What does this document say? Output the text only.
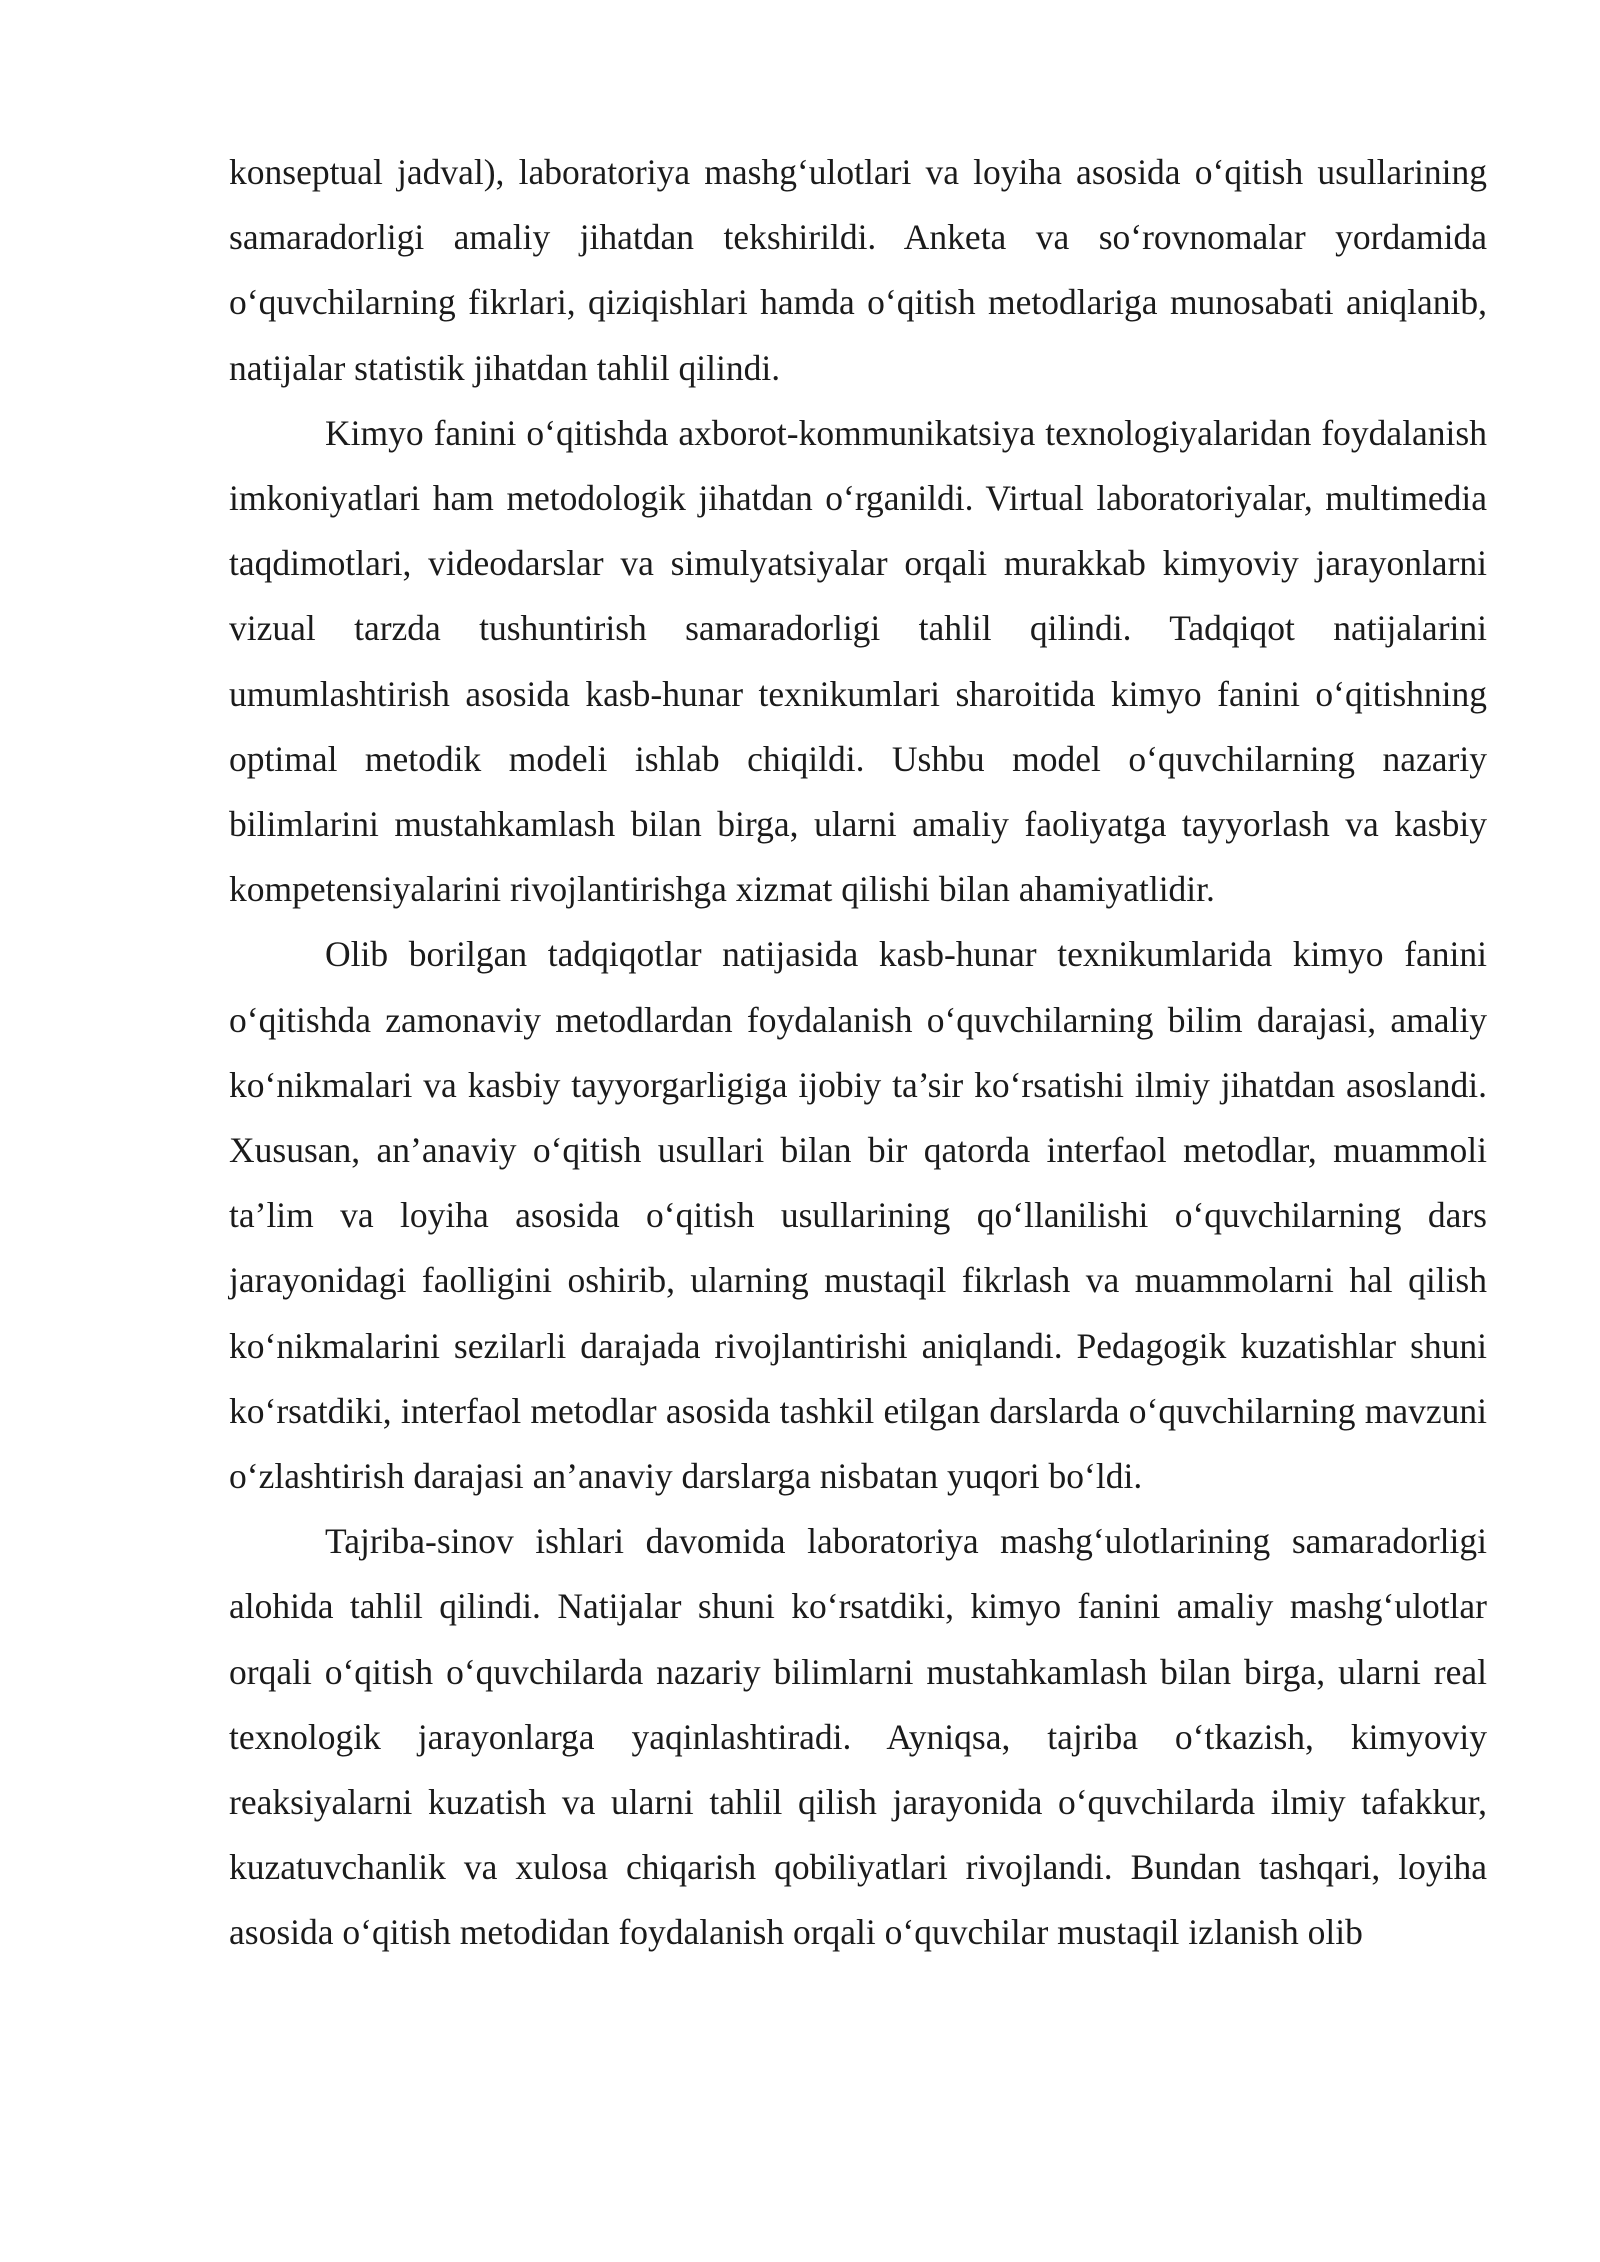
konseptual jadval), laboratoriya mashg‘ulotlari va loyiha asosida o‘qitish usullarining samaradorligi amaliy jihatdan tekshirildi. Anketa va so‘rovnomalar yordamida o‘quvchilarning fikrlari, qiziqishlari hamda o‘qitish metodlariga munosabati aniqlanib, natijalar statistik jihatdan tahlil qilindi.

Kimyo fanini o‘qitishda axborot-kommunikatsiya texnologiyalaridan foydalanish imkoniyatlari ham metodologik jihatdan o‘rganildi. Virtual laboratoriyalar, multimedia taqdimotlari, videodarslar va simulyatsiyalar orqali murakkab kimyoviy jarayonlarni vizual tarzda tushuntirish samaradorligi tahlil qilindi. Tadqiqot natijalarini umumlashtirish asosida kasb-hunar texnikumlari sharoitida kimyo fanini o‘qitishning optimal metodik modeli ishlab chiqildi. Ushbu model o‘quvchilarning nazariy bilimlarini mustahkamlash bilan birga, ularni amaliy faoliyatga tayyorlash va kasbiy kompetensiyalarini rivojlantirishga xizmat qilishi bilan ahamiyatlidir.

Olib borilgan tadqiqotlar natijasida kasb-hunar texnikumlarida kimyo fanini o‘qitishda zamonaviy metodlardan foydalanish o‘quvchilarning bilim darajasi, amaliy ko‘nikmalari va kasbiy tayyorgarligiga ijobiy ta’sir ko‘rsatishi ilmiy jihatdan asoslandi. Xususan, an’anaviy o‘qitish usullari bilan bir qatorda interfaol metodlar, muammoli ta’lim va loyiha asosida o‘qitish usullarining qo‘llanilishi o‘quvchilarning dars jarayonidagi faolligini oshirib, ularning mustaqil fikrlash va muammolarni hal qilish ko‘nikmalarini sezilarli darajada rivojlantirishi aniqlandi. Pedagogik kuzatishlar shuni ko‘rsatdiki, interfaol metodlar asosida tashkil etilgan darslarda o‘quvchilarning mavzuni o‘zlashtirish darajasi an’anaviy darslarga nisbatan yuqori bo‘ldi.

Tajriba-sinov ishlari davomida laboratoriya mashg‘ulotlarining samaradorligi alohida tahlil qilindi. Natijalar shuni ko‘rsatdiki, kimyo fanini amaliy mashg‘ulotlar orqali o‘qitish o‘quvchilarda nazariy bilimlarni mustahkamlash bilan birga, ularni real texnologik jarayonlarga yaqinlashtiradi. Ayniqsa, tajriba o‘tkazish, kimyoviy reaksiyalarni kuzatish va ularni tahlil qilish jarayonida o‘quvchilarda ilmiy tafakkur, kuzatuvchanlik va xulosa chiqarish qobiliyatlari rivojlandi. Bundan tashqari, loyiha asosida o‘qitish metodidan foydalanish orqali o‘quvchilar mustaqil izlanish olib
